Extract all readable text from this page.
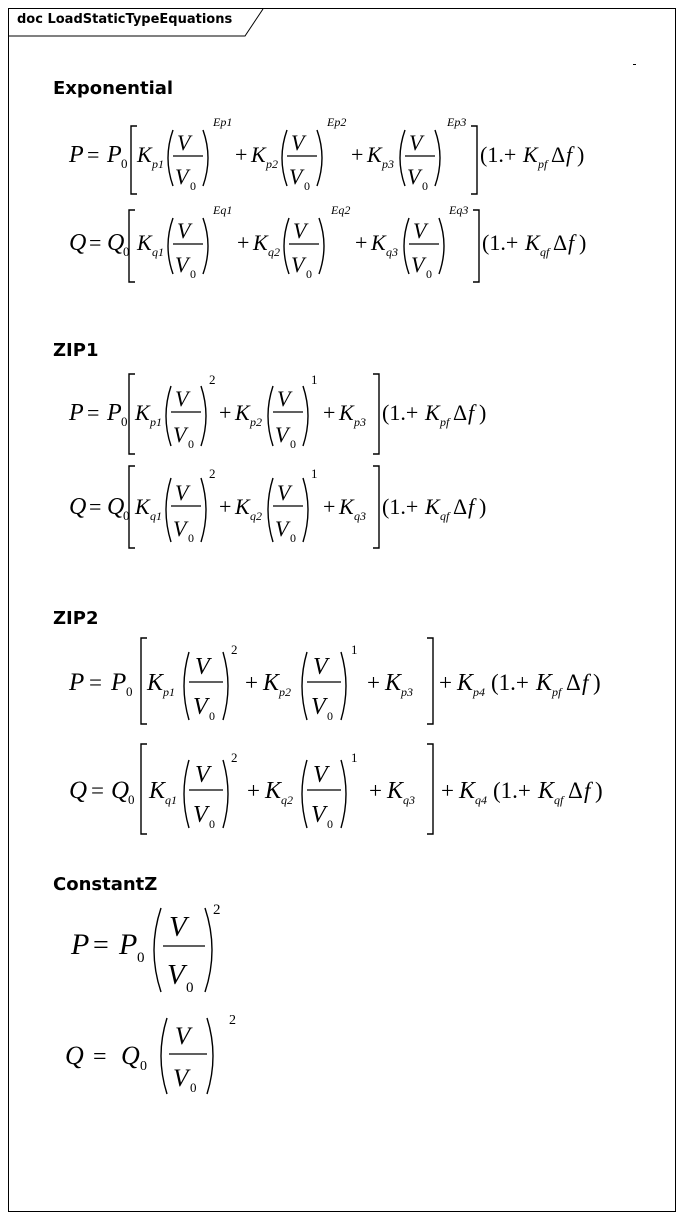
doc LoadStaticTypeEquations
Exponential
P = P 0 K p1
V
V 0
Ep1
+ K p2
V
V 0
Ep2
+ K p3
V
V 0
Ep3
(1.+ K pf Δ f )
Q = Q
0 K q1
V
V 0
Eq1
+ K q2
V
V 0
Eq2
+ K q3
V
V 0
Eq3
(1.+ K qf Δ f )
ZIP1
P = P 0 K p1
V
V 0
2
+ K p2
V
V 0
1
+ K p3 (1.+ K pf Δ f )
Q = Q
0 K q1
V
V 0
2
+ K q2
V
V 0
1
+ K q3 (1.+ K qf Δ f )
ZIP2
P = P 0 K p1
V
V 0
2
+ K p2
V
V 0
1
+ K p3 + K p4 (1.+ K pf Δ f )
Q = Q
0 K q1
V
V 0
2
+ K q2
V
V 0
1
+ K q3 + K q4 (1.+ K qf Δ f )
ConstantZ
P = P 0
V
V 0
2
Q = Q 0
V
V 0
2
